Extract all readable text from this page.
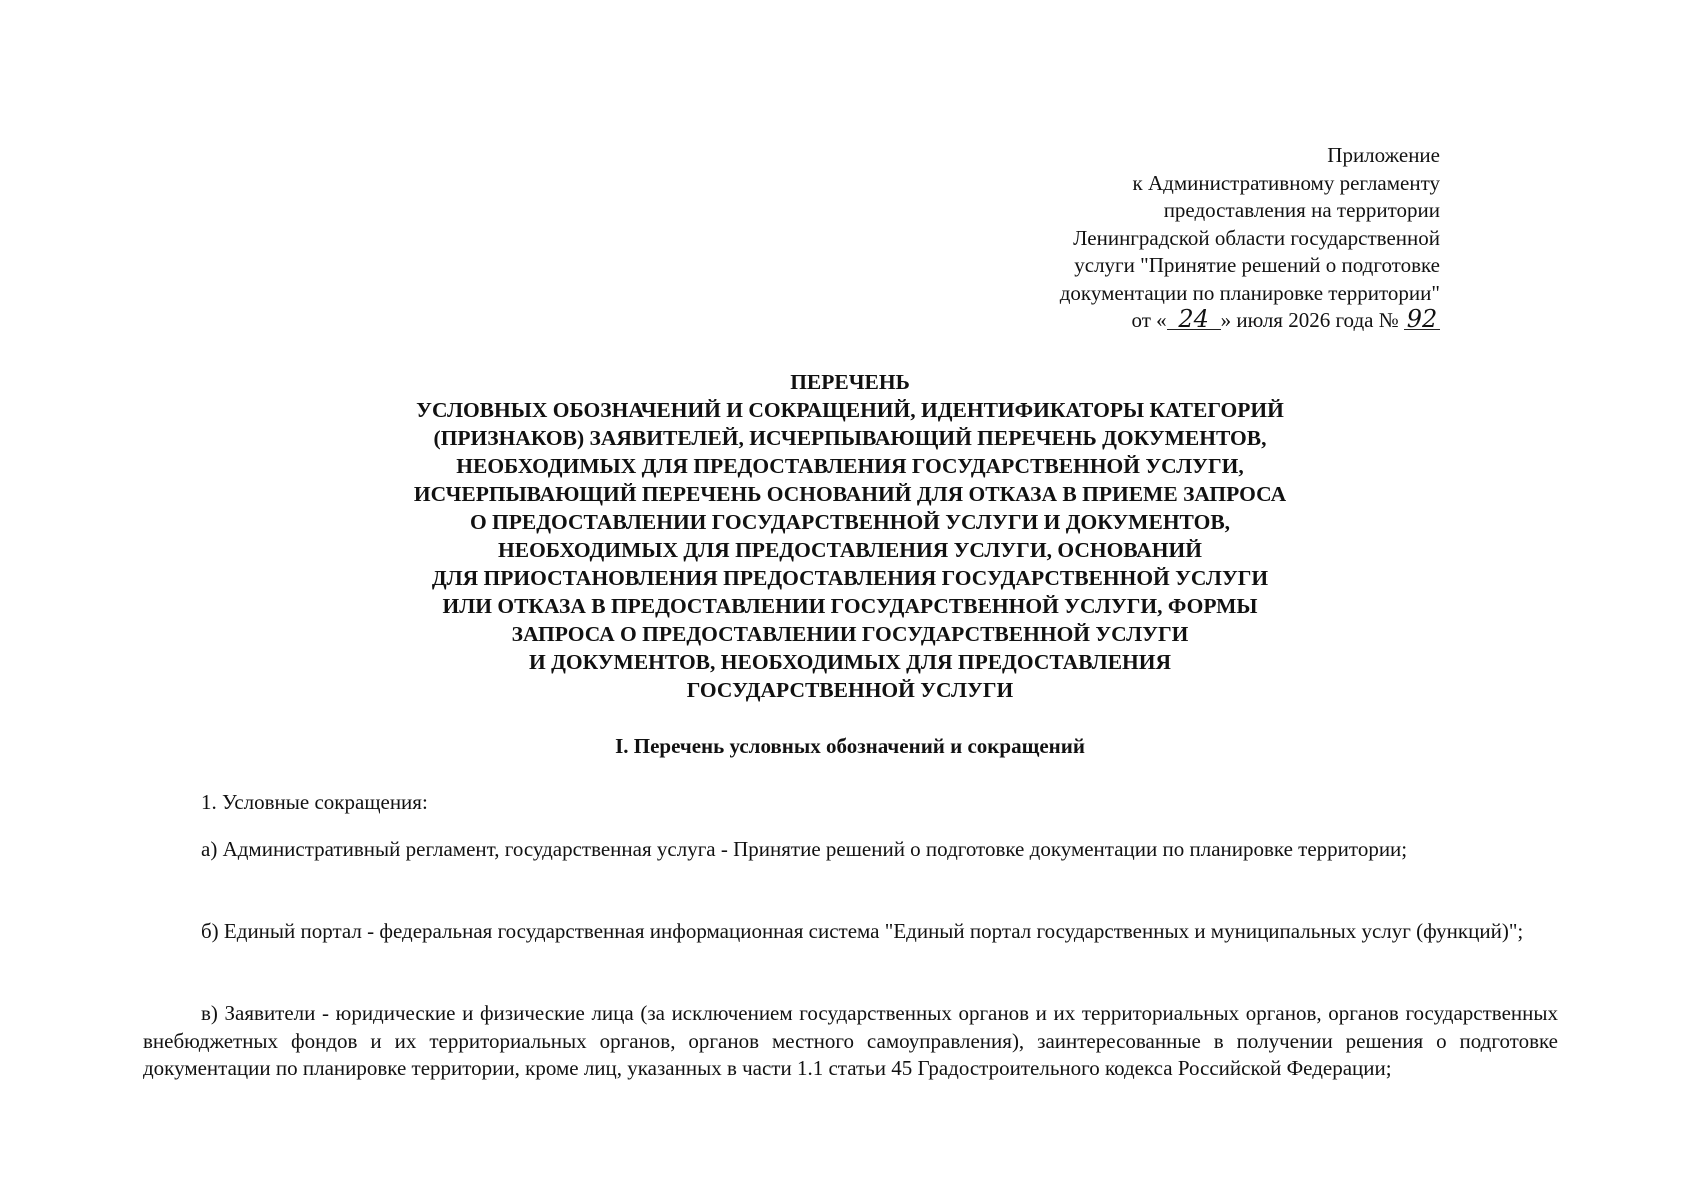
Приложение
к Административному регламенту
предоставления на территории
Ленинградской области государственной
услуги "Принятие решений о подготовке
документации по планировке территории"
от « 24 » июля 2026 года № 92
ПЕРЕЧЕНЬ
УСЛОВНЫХ ОБОЗНАЧЕНИЙ И СОКРАЩЕНИЙ, ИДЕНТИФИКАТОРЫ КАТЕГОРИЙ
(ПРИЗНАКОВ) ЗАЯВИТЕЛЕЙ, ИСЧЕРПЫВАЮЩИЙ ПЕРЕЧЕНЬ ДОКУМЕНТОВ,
НЕОБХОДИМЫХ ДЛЯ ПРЕДОСТАВЛЕНИЯ ГОСУДАРСТВЕННОЙ УСЛУГИ,
ИСЧЕРПЫВАЮЩИЙ ПЕРЕЧЕНЬ ОСНОВАНИЙ ДЛЯ ОТКАЗА В ПРИЕМЕ ЗАПРОСА
О ПРЕДОСТАВЛЕНИИ ГОСУДАРСТВЕННОЙ УСЛУГИ И ДОКУМЕНТОВ,
НЕОБХОДИМЫХ ДЛЯ ПРЕДОСТАВЛЕНИЯ УСЛУГИ, ОСНОВАНИЙ
ДЛЯ ПРИОСТАНОВЛЕНИЯ ПРЕДОСТАВЛЕНИЯ ГОСУДАРСТВЕННОЙ УСЛУГИ
ИЛИ ОТКАЗА В ПРЕДОСТАВЛЕНИИ ГОСУДАРСТВЕННОЙ УСЛУГИ, ФОРМЫ
ЗАПРОСА О ПРЕДОСТАВЛЕНИИ ГОСУДАРСТВЕННОЙ УСЛУГИ
И ДОКУМЕНТОВ, НЕОБХОДИМЫХ ДЛЯ ПРЕДОСТАВЛЕНИЯ
ГОСУДАРСТВЕННОЙ УСЛУГИ
I. Перечень условных обозначений и сокращений

1. Условные сокращения:

а) Административный регламент, государственная услуга - Принятие решений о подготовке документации по планировке территории;

б) Единый портал - федеральная государственная информационная система "Единый портал государственных и муниципальных услуг (функций)";

в) Заявители - юридические и физические лица (за исключением государственных органов и их территориальных органов, органов государственных внебюджетных фондов и их территориальных органов, органов местного самоуправления), заинтересованные в получении решения о подготовке документации по планировке территории, кроме лиц, указанных в части 1.1 статьи 45 Градостроительного кодекса Российской Федерации;
